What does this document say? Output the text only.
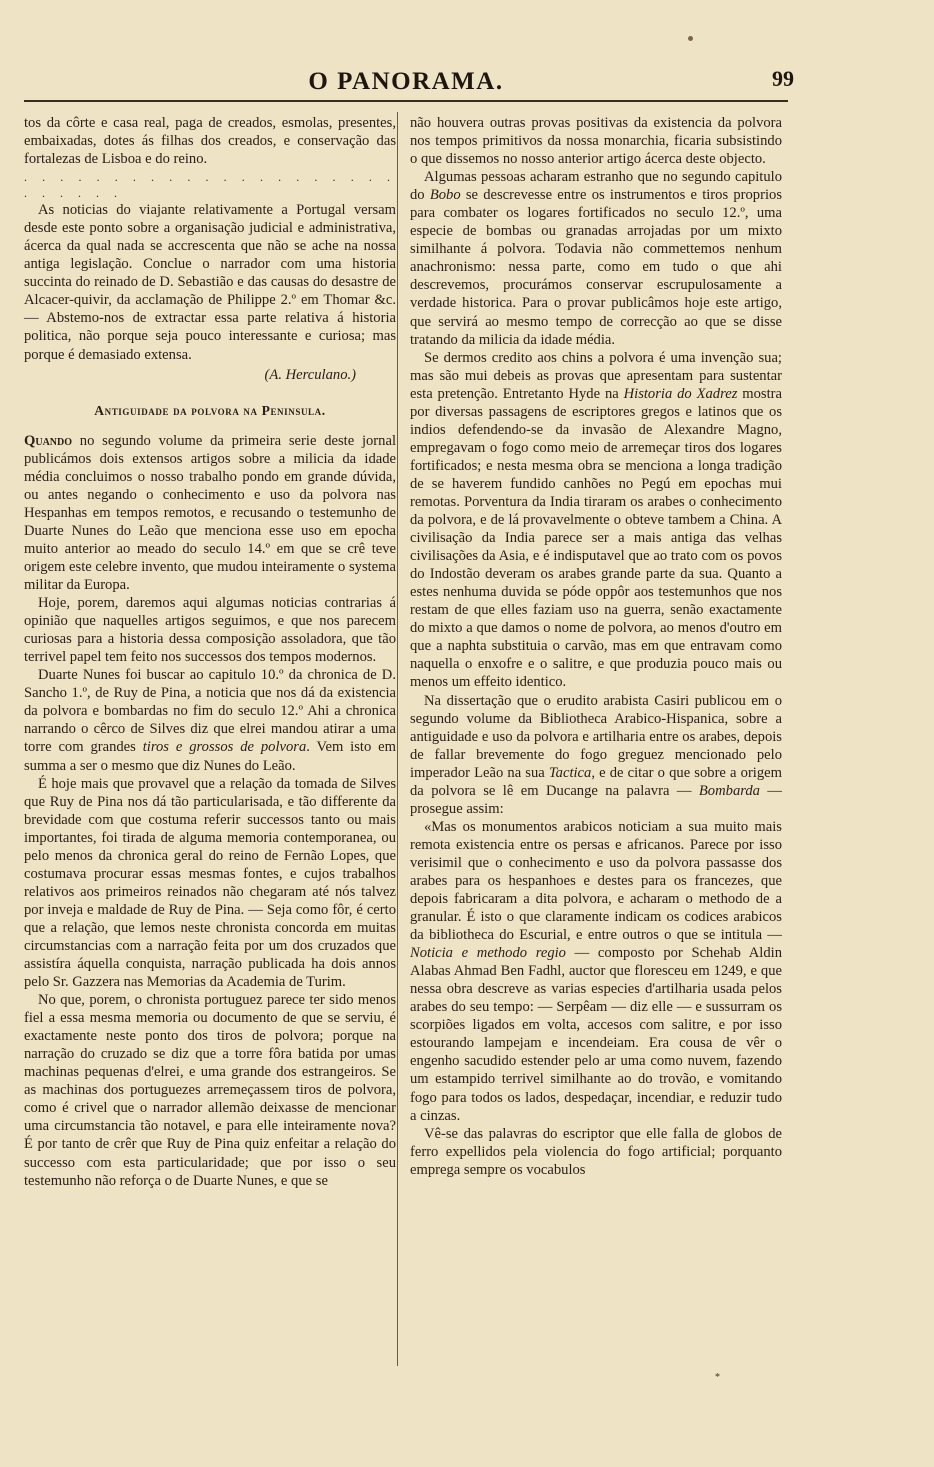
O PANORAMA.	99

tos da côrte e casa real, paga de creados, esmolas, presentes, embaixadas, dotes ás filhas dos creados, e conservação das fortalezas de Lisboa e do reino.

. . . . . . . . . . . . . . . . . . . . . . . . . . .

As noticias do viajante relativamente a Portugal versam desde este ponto sobre a organisação judicial e administrativa, ácerca da qual nada se accrescenta que não se ache na nossa antiga legislação. Conclue o narrador com uma historia succinta do reinado de D. Sebastião e das causas do desastre de Alcacer-quivir, da acclamação de Philippe 2.º em Thomar &c. — Abstemo-nos de extractar essa parte relativa á historia politica, não porque seja pouco interessante e curiosa; mas porque é demasiado extensa.

(A. Herculano.)
Antiguidade da polvora na Peninsula.

Quando no segundo volume da primeira serie deste jornal publicámos dois extensos artigos sobre a milicia da idade média concluimos o nosso trabalho pondo em grande dúvida, ou antes negando o conhecimento e uso da polvora nas Hespanhas em tempos remotos, e recusando o testemunho de Duarte Nunes do Leão que menciona esse uso em epocha muito anterior ao meado do seculo 14.º em que se crê teve origem este celebre invento, que mudou inteiramente o systema militar da Europa.

Hoje, porem, daremos aqui algumas noticias contrarias á opinião que naquelles artigos seguimos, e que nos parecem curiosas para a historia dessa composição assoladora, que tão terrivel papel tem feito nos successos dos tempos modernos.

Duarte Nunes foi buscar ao capitulo 10.º da chronica de D. Sancho 1.º, de Ruy de Pina, a noticia que nos dá da existencia da polvora e bombardas no fim do seculo 12.º Ahi a chronica narrando o cêrco de Silves diz que elrei mandou atirar a uma torre com grandes tiros e grossos de polvora. Vem isto em summa a ser o mesmo que diz Nunes do Leão.

É hoje mais que provavel que a relação da tomada de Silves que Ruy de Pina nos dá tão particularisada, e tão differente da brevidade com que costuma referir successos tanto ou mais importantes, foi tirada de alguma memoria contemporanea, ou pelo menos da chronica geral do reino de Fernão Lopes, que costumava procurar essas mesmas fontes, e cujos trabalhos relativos aos primeiros reinados não chegaram até nós talvez por inveja e maldade de Ruy de Pina. — Seja como fôr, é certo que a relação, que lemos neste chronista concorda em muitas circumstancias com a narração feita por um dos cruzados que assistíra áquella conquista, narração publicada ha dois annos pelo Sr. Gazzera nas Memorias da Academia de Turim.

No que, porem, o chronista portuguez parece ter sido menos fiel a essa mesma memoria ou documento de que se serviu, é exactamente neste ponto dos tiros de polvora; porque na narração do cruzado se diz que a torre fôra batida por umas machinas pequenas d'elrei, e uma grande dos estrangeiros. Se as machinas dos portuguezes arremeçassem tiros de polvora, como é crivel que o narrador allemão deixasse de mencionar uma circumstancia tão notavel, e para elle inteiramente nova? É por tanto de crêr que Ruy de Pina quiz enfeitar a relação do successo com esta particularidade; que por isso o seu testemunho não reforça o de Duarte Nunes, e que se

não houvera outras provas positivas da existencia da polvora nos tempos primitivos da nossa monarchia, ficaria subsistindo o que dissemos no nosso anterior artigo ácerca deste objecto.

Algumas pessoas acharam estranho que no segundo capitulo do Bobo se descrevesse entre os instrumentos e tiros proprios para combater os logares fortificados no seculo 12.º, uma especie de bombas ou granadas arrojadas por um mixto similhante á polvora. Todavia não commettemos nenhum anachronismo: nessa parte, como em tudo o que ahi descrevemos, procurámos conservar escrupulosamente a verdade historica. Para o provar publicâmos hoje este artigo, que servirá ao mesmo tempo de correcção ao que se disse tratando da milicia da idade média.

Se dermos credito aos chins a polvora é uma invenção sua; mas são mui debeis as provas que apresentam para sustentar esta pretenção. Entretanto Hyde na Historia do Xadrez mostra por diversas passagens de escriptores gregos e latinos que os indios defendendo-se da invasão de Alexandre Magno, empregavam o fogo como meio de arremeçar tiros dos logares fortificados; e nesta mesma obra se menciona a longa tradição de se haverem fundido canhões no Pegú em epochas mui remotas. Porventura da India tiraram os arabes o conhecimento da polvora, e de lá provavelmente o obteve tambem a China. A civilisação da India parece ser a mais antiga das velhas civilisações da Asia, e é indisputavel que ao trato com os povos do Indostão deveram os arabes grande parte da sua. Quanto a estes nenhuma duvida se póde oppôr aos testemunhos que nos restam de que elles faziam uso na guerra, senão exactamente do mixto a que damos o nome de polvora, ao menos d'outro em que a naphta substituia o carvão, mas em que entravam como naquella o enxofre e o salitre, e que produzia pouco mais ou menos um effeito identico.

Na dissertação que o erudito arabista Casiri publicou em o segundo volume da Bibliotheca Arabico-Hispanica, sobre a antiguidade e uso da polvora e artilharia entre os arabes, depois de fallar brevemente do fogo greguez mencionado pelo imperador Leão na sua Tactica, e de citar o que sobre a origem da polvora se lê em Ducange na palavra — Bombarda — prosegue assim:

«Mas os monumentos arabicos noticiam a sua muito mais remota existencia entre os persas e africanos. Parece por isso verisimil que o conhecimento e uso da polvora passasse dos arabes para os hespanhoes e destes para os francezes, que depois fabricaram a dita polvora, e acharam o methodo de a granular. É isto o que claramente indicam os codices arabicos da bibliotheca do Escurial, e entre outros o que se intitula — Noticia e methodo regio — composto por Schehab Aldin Alabas Ahmad Ben Fadhl, auctor que floresceu em 1249, e que nessa obra descreve as varias especies d'artilharia usada pelos arabes do seu tempo: — Serpêam — diz elle — e sussurram os scorpiões ligados em volta, accesos com salitre, e por isso estourando lampejam e incendeiam. Era cousa de vêr o engenho sacudido estender pelo ar uma como nuvem, fazendo um estampido terrivel similhante ao do trovão, e vomitando fogo para todos os lados, despedaçar, incendiar, e reduzir tudo a cinzas.

Vê-se das palavras do escriptor que elle falla de globos de ferro expellidos pela violencia do fogo artificial; porquanto emprega sempre os vocabulos

*
